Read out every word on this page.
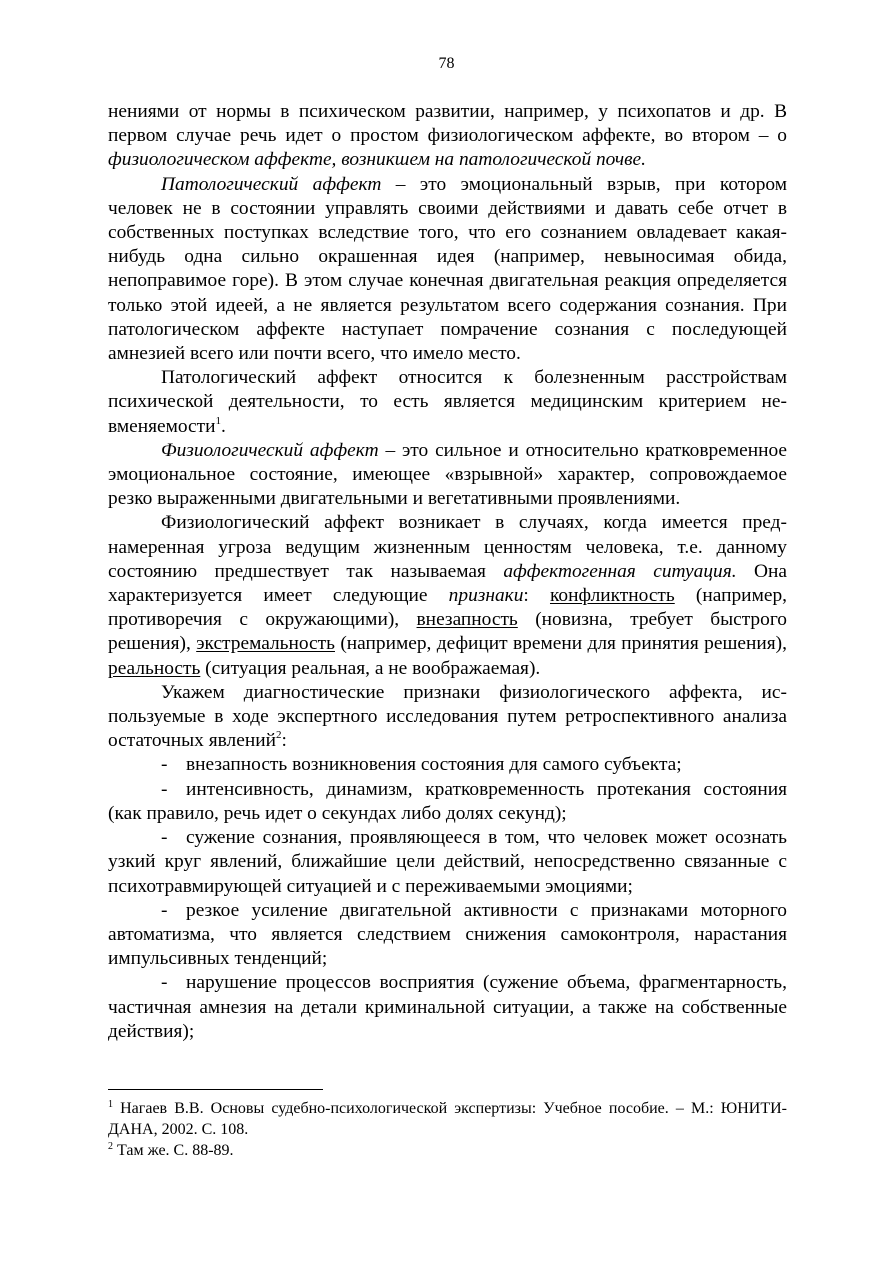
78

нениями от нормы в психическом развитии, например, у психопатов и др. В первом случае речь идет о простом физиологическом аффекте, во втором – о физиологическом аффекте, возникшем на патологической почве.

Патологический аффект – это эмоциональный взрыв, при котором человек не в состоянии управлять своими действиями и давать себе отчет в собственных поступках вследствие того, что его сознанием овладевает какая-нибудь одна сильно окрашенная идея (например, невыносимая обида, непоправимое горе). В этом случае конечная двигательная реакция определяется только этой идеей, а не является результатом всего содержания сознания. При патологическом аффекте наступает помрачение сознания с последующей амнезией всего или почти всего, что имело место.

Патологический аффект относится к болезненным расстройствам психической деятельности, то есть является медицинским критерием невменяемости$^1$.

Физиологический аффект – это сильное и относительно кратковременное эмоциональное состояние, имеющее «взрывной» характер, сопровождаемое резко выраженными двигательными и вегетативными проявлениями.

Физиологический аффект возникает в случаях, когда имеется преднамеренная угроза ведущим жизненным ценностям человека, т.е. данному состоянию предшествует так называемая аффектогенная ситуация. Она характеризуется имеет следующие признаки: конфликтность (например, противоречия с окружающими), внезапность (новизна, требует быстрого решения), экстремальность (например, дефицит времени для принятия решения), реальность (ситуация реальная, а не воображаемая).

Укажем диагностические признаки физиологического аффекта, используемые в ходе экспертного исследования путем ретроспективного анализа остаточных явлений$^2$:

- внезапность возникновения состояния для самого субъекта;

- интенсивность, динамизм, кратковременность протекания состояния (как правило, речь идет о секундах либо долях секунд);

- сужение сознания, проявляющееся в том, что человек может осознать узкий круг явлений, ближайшие цели действий, непосредственно связанные с психотравмирующей ситуацией и с переживаемыми эмоциями;

- резкое усиление двигательной активности с признаками моторного автоматизма, что является следствием снижения самоконтроля, нарастания импульсивных тенденций;

- нарушение процессов восприятия (сужение объема, фрагментарность, частичная амнезия на детали криминальной ситуации, а также на собственные действия);

$^1$ Нагаев В.В. Основы судебно-психологической экспертизы: Учебное пособие. – М.: ЮНИТИ-ДАНА, 2002. С. 108.

$^2$ Там же. С. 88-89.
